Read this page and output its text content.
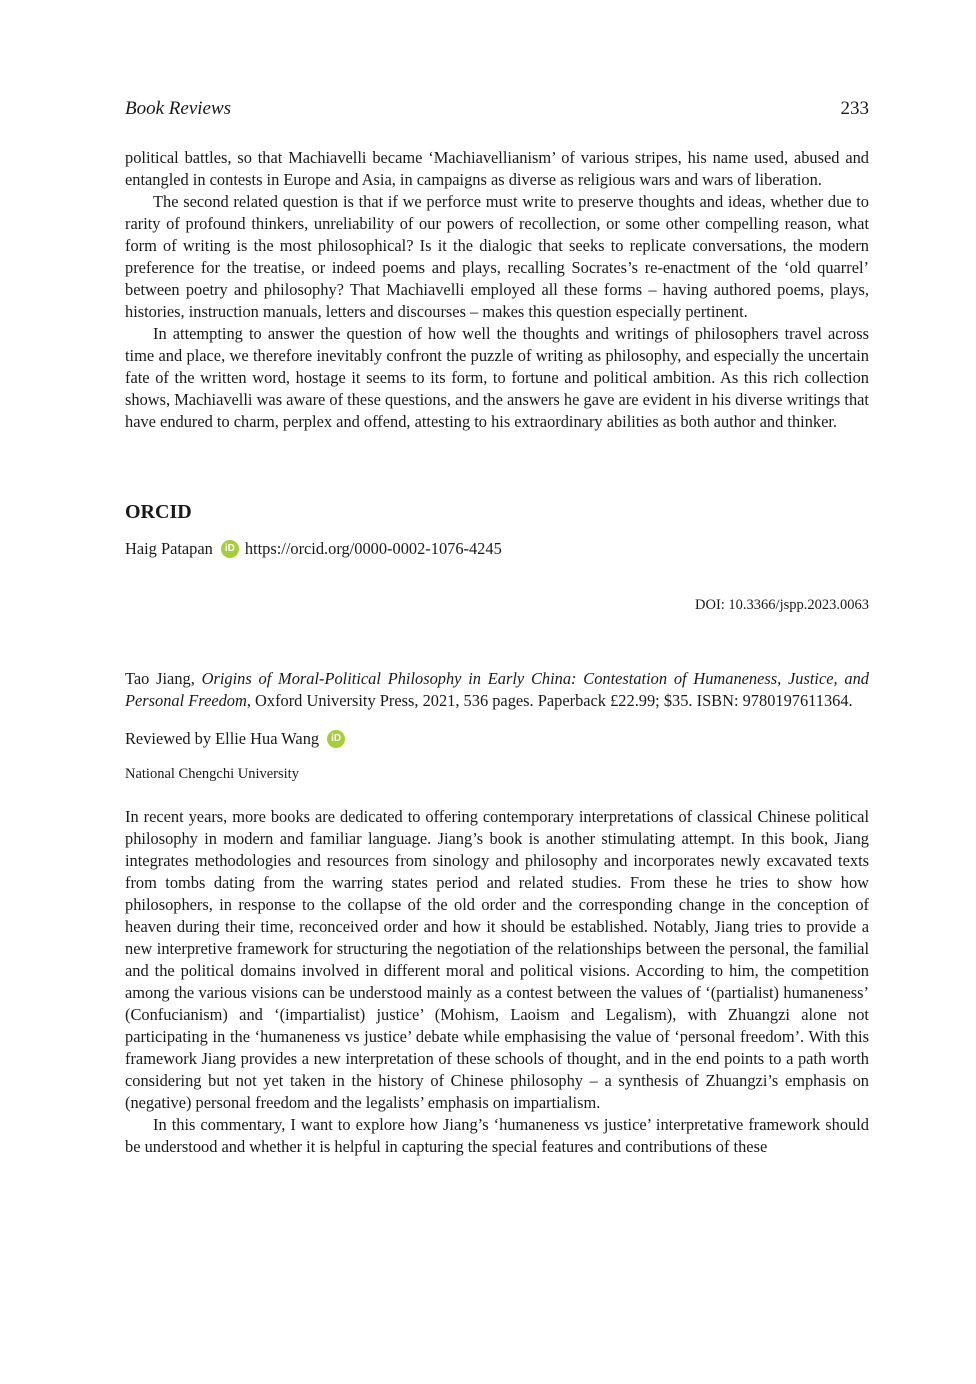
Book Reviews	233

political battles, so that Machiavelli became ‘Machiavellianism’ of various stripes, his name used, abused and entangled in contests in Europe and Asia, in campaigns as diverse as religious wars and wars of liberation.

The second related question is that if we perforce must write to preserve thoughts and ideas, whether due to rarity of profound thinkers, unreliability of our powers of recollection, or some other compelling reason, what form of writing is the most philosophical? Is it the dialogic that seeks to replicate conversations, the modern preference for the treatise, or indeed poems and plays, recalling Socrates’s re-enactment of the ‘old quarrel’ between poetry and philosophy? That Machiavelli employed all these forms – having authored poems, plays, histories, instruction manuals, letters and discourses – makes this question especially pertinent.

In attempting to answer the question of how well the thoughts and writings of philosophers travel across time and place, we therefore inevitably confront the puzzle of writing as philosophy, and especially the uncertain fate of the written word, hostage it seems to its form, to fortune and political ambition. As this rich collection shows, Machiavelli was aware of these questions, and the answers he gave are evident in his diverse writings that have endured to charm, perplex and offend, attesting to his extraordinary abilities as both author and thinker.

ORCID
Haig Patapan	iD https://orcid.org/0000-0002-1076-4245
DOI: 10.3366/jspp.2023.0063

Tao Jiang, Origins of Moral-Political Philosophy in Early China: Contestation of Humaneness, Justice, and Personal Freedom, Oxford University Press, 2021, 536 pages. Paperback £22.99; $35. ISBN: 9780197611364.

Reviewed by Ellie Hua Wang	iD
National Chengchi University

In recent years, more books are dedicated to offering contemporary interpretations of classical Chinese political philosophy in modern and familiar language. Jiang’s book is another stimulating attempt. In this book, Jiang integrates methodologies and resources from sinology and philosophy and incorporates newly excavated texts from tombs dating from the warring states period and related studies. From these he tries to show how philosophers, in response to the collapse of the old order and the corresponding change in the conception of heaven during their time, reconceived order and how it should be established. Notably, Jiang tries to provide a new interpretive framework for structuring the negotiation of the relationships between the personal, the familial and the political domains involved in different moral and political visions. According to him, the competition among the various visions can be understood mainly as a contest between the values of ‘(partialist) humaneness’ (Confucianism) and ‘(impartialist) justice’ (Mohism, Laoism and Legalism), with Zhuangzi alone not participating in the ‘humaneness vs justice’ debate while emphasising the value of ‘personal freedom’. With this framework Jiang provides a new interpretation of these schools of thought, and in the end points to a path worth considering but not yet taken in the history of Chinese philosophy – a synthesis of Zhuangzi’s emphasis on (negative) personal freedom and the legalists’ emphasis on impartialism.

In this commentary, I want to explore how Jiang’s ‘humaneness vs justice’ interpretative framework should be understood and whether it is helpful in capturing the special features and contributions of these
